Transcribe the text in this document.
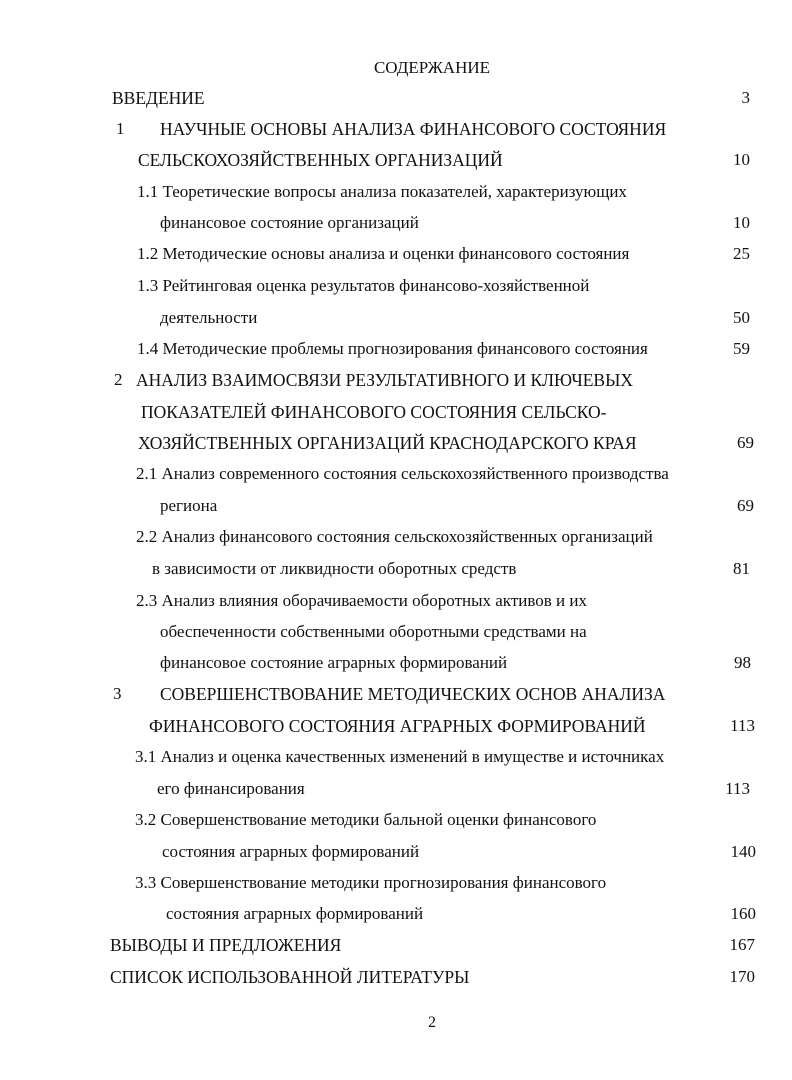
СОДЕРЖАНИЕ
ВВЕДЕНИЕ	3
1 НАУЧНЫЕ ОСНОВЫ АНАЛИЗА ФИНАНСОВОГО СОСТОЯНИЯ
СЕЛЬСКОХОЗЯЙСТВЕННЫХ ОРГАНИЗАЦИЙ	10
1.1 Теоретические вопросы анализа показателей, характеризующих
финансовое состояние организаций	10
1.2 Методические основы анализа и оценки финансового состояния	25
1.3 Рейтинговая оценка результатов финансово-хозяйственной
деятельности	50
1.4 Методические проблемы прогнозирования финансового состояния	59
2 АНАЛИЗ ВЗАИМОСВЯЗИ РЕЗУЛЬТАТИВНОГО И КЛЮЧЕВЫХ
ПОКАЗАТЕЛЕЙ ФИНАНСОВОГО СОСТОЯНИЯ СЕЛЬСКО-
ХОЗЯЙСТВЕННЫХ ОРГАНИЗАЦИЙ КРАСНОДАРСКОГО КРАЯ	69
2.1 Анализ современного состояния сельскохозяйственного производства
региона	69
2.2 Анализ финансового состояния сельскохозяйственных организаций
в зависимости от ликвидности оборотных средств	81
2.3 Анализ влияния оборачиваемости оборотных активов и их
обеспеченности собственными оборотными средствами на
финансовое состояние аграрных формирований	98
3 СОВЕРШЕНСТВОВАНИЕ МЕТОДИЧЕСКИХ ОСНОВ АНАЛИЗА
ФИНАНСОВОГО СОСТОЯНИЯ АГРАРНЫХ ФОРМИРОВАНИЙ	113
3.1 Анализ и оценка качественных изменений в имуществе и источниках
его финансирования	113
3.2 Совершенствование методики бальной оценки финансового
состояния аграрных формирований	140
3.3 Совершенствование методики прогнозирования финансового
состояния аграрных формирований	160
ВЫВОДЫ И ПРЕДЛОЖЕНИЯ	167
СПИСОК ИСПОЛЬЗОВАННОЙ ЛИТЕРАТУРЫ	170
2
